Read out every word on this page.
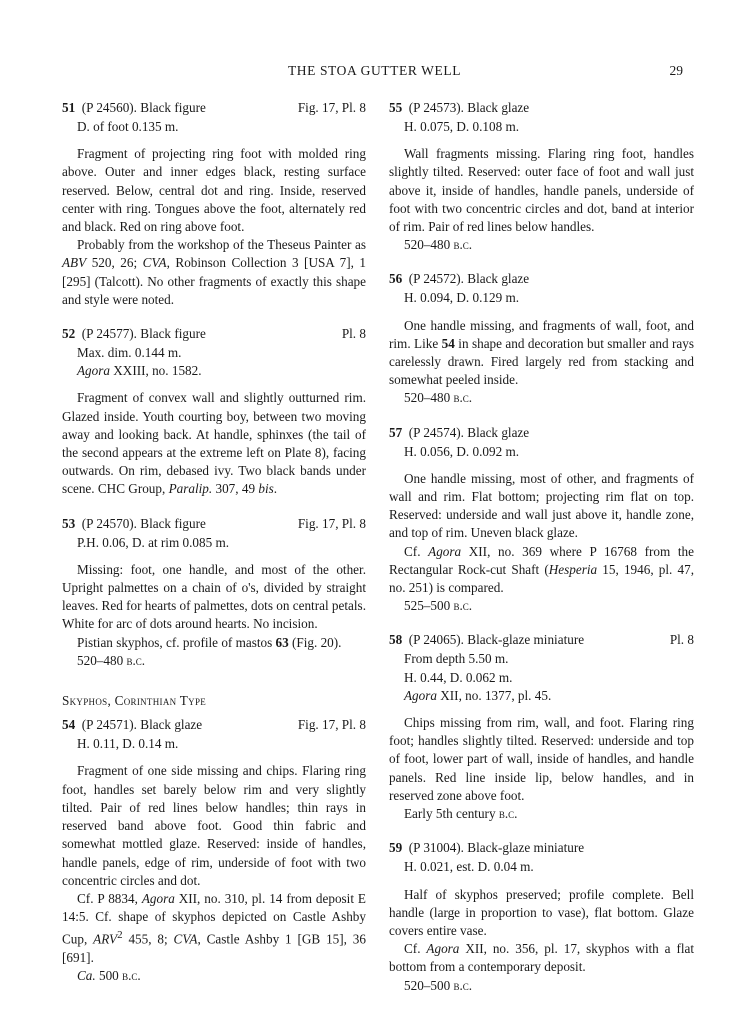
THE STOA GUTTER WELL	29
51 (P 24560). Black figure	Fig. 17, Pl. 8
D. of foot 0.135 m.
Fragment of projecting ring foot with molded ring above. Outer and inner edges black, resting surface reserved. Below, central dot and ring. Inside, reserved center with ring. Tongues above the foot, alternately red and black. Red on ring above foot.
Probably from the workshop of the Theseus Painter as ABV 520, 26; CVA, Robinson Collection 3 [USA 7], 1 [295] (Talcott). No other fragments of exactly this shape and style were noted.
52 (P 24577). Black figure	Pl. 8
Max. dim. 0.144 m.
Agora XXIII, no. 1582.
Fragment of convex wall and slightly outturned rim. Glazed inside. Youth courting boy, between two moving away and looking back. At handle, sphinxes (the tail of the second appears at the extreme left on Plate 8), facing outwards. On rim, debased ivy. Two black bands under scene. CHC Group, Paralip. 307, 49 bis.
53 (P 24570). Black figure	Fig. 17, Pl. 8
P.H. 0.06, D. at rim 0.085 m.
Missing: foot, one handle, and most of the other. Upright palmettes on a chain of o's, divided by straight leaves. Red for hearts of palmettes, dots on central petals. White for arc of dots around hearts. No incision.
Pistian skyphos, cf. profile of mastos 63 (Fig. 20).
520–480 b.c.
Skyphos, Corinthian Type
54 (P 24571). Black glaze	Fig. 17, Pl. 8
H. 0.11, D. 0.14 m.
Fragment of one side missing and chips. Flaring ring foot, handles set barely below rim and very slightly tilted. Pair of red lines below handles; thin rays in reserved band above foot. Good thin fabric and somewhat mottled glaze. Reserved: inside of handles, handle panels, edge of rim, underside of foot with two concentric circles and dot.
Cf. P 8834, Agora XII, no. 310, pl. 14 from deposit E 14:5. Cf. shape of skyphos depicted on Castle Ashby Cup, ARV$^2$ 455, 8; CVA, Castle Ashby 1 [GB 15], 36 [691].
Ca. 500 b.c.
55 (P 24573). Black glaze
H. 0.075, D. 0.108 m.
Wall fragments missing. Flaring ring foot, handles slightly tilted. Reserved: outer face of foot and wall just above it, inside of handles, handle panels, underside of foot with two concentric circles and dot, band at interior of rim. Pair of red lines below handles.
520–480 b.c.
56 (P 24572). Black glaze
H. 0.094, D. 0.129 m.
One handle missing, and fragments of wall, foot, and rim. Like 54 in shape and decoration but smaller and rays carelessly drawn. Fired largely red from stacking and somewhat peeled inside.
520–480 b.c.
57 (P 24574). Black glaze
H. 0.056, D. 0.092 m.
One handle missing, most of other, and fragments of wall and rim. Flat bottom; projecting rim flat on top. Reserved: underside and wall just above it, handle zone, and top of rim. Uneven black glaze.
Cf. Agora XII, no. 369 where P 16768 from the Rectangular Rock-cut Shaft (Hesperia 15, 1946, pl. 47, no. 251) is compared.
525–500 b.c.
58 (P 24065). Black-glaze miniature	Pl. 8
From depth 5.50 m.
H. 0.44, D. 0.062 m.
Agora XII, no. 1377, pl. 45.
Chips missing from rim, wall, and foot. Flaring ring foot; handles slightly tilted. Reserved: underside and top of foot, lower part of wall, inside of handles, and handle panels. Red line inside lip, below handles, and in reserved zone above foot.
Early 5th century b.c.
59 (P 31004). Black-glaze miniature
H. 0.021, est. D. 0.04 m.
Half of skyphos preserved; profile complete. Bell handle (large in proportion to vase), flat bottom. Glaze covers entire vase.
Cf. Agora XII, no. 356, pl. 17, skyphos with a flat bottom from a contemporary deposit.
520–500 b.c.
